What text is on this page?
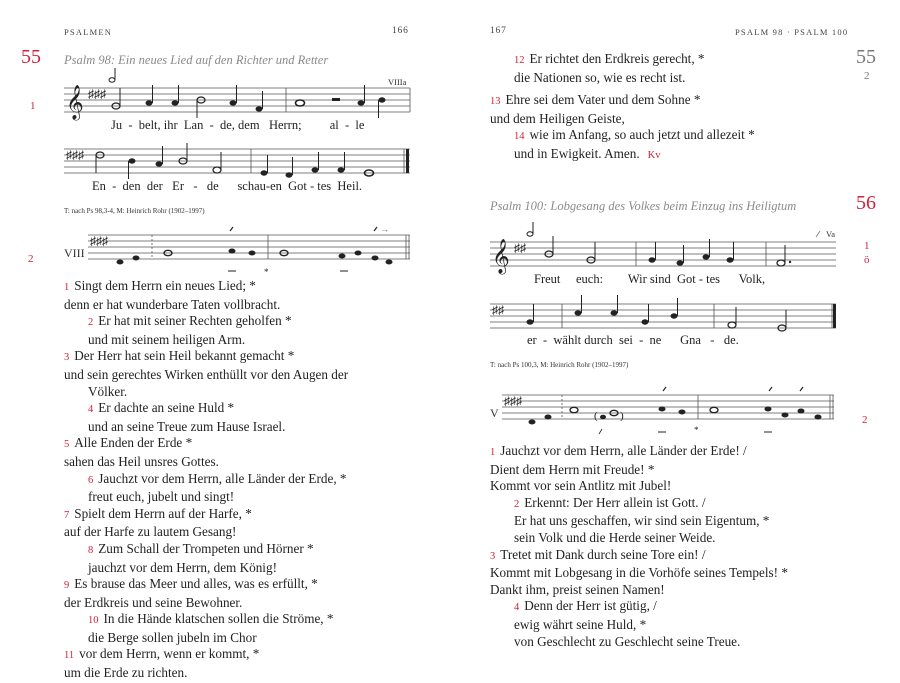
PSALMEN	166
55 Psalm 98: Ein neues Lied auf den Richter und Retter
1
VIIIa
𝄞 ♯♯♯
Ju  -  belt, ihr  Lan  -  de, dem   Herrn;         al  -  le
♯♯♯
En  -  den  der   Er   -   de      schau-en  Got - tes  Heil.
T: nach Ps 98,3-4, M: Heinrich Rohr (1902–1997)
2	VIII
♯♯♯
→
*
1 Singt dem Herrn ein neues Lied; *
denn er hat wunderbare Taten vollbracht.
2 Er hat mit seiner Rechten geholfen *
und mit seinem heiligen Arm.
3 Der Herr hat sein Heil bekannt gemacht *
und sein gerechtes Wirken enthüllt vor den Augen der
Völker.
4 Er dachte an seine Huld *
und an seine Treue zum Hause Israel.
5 Alle Enden der Erde *
sahen das Heil unsres Gottes.
6 Jauchzt vor dem Herrn, alle Länder der Erde, *
freut euch, jubelt und singt!
7 Spielt dem Herrn auf der Harfe, *
auf der Harfe zu lautem Gesang!
8 Zum Schall der Trompeten und Hörner *
jauchzt vor dem Herrn, dem König!
9 Es brause das Meer und alles, was es erfüllt, *
der Erdkreis und seine Bewohner.
10 In die Hände klatschen sollen die Ströme, *
die Berge sollen jubeln im Chor
11 vor dem Herrn, wenn er kommt, *
um die Erde zu richten.
167	PSALM 98 · PSALM 100
55
2
12 Er richtet den Erdkreis gerecht, *
die Nationen so, wie es recht ist.
13 Ehre sei dem Vater und dem Sohne *
und dem Heiligen Geiste,
14 wie im Anfang, so auch jetzt und allezeit *
und in Ewigkeit. Amen. Kv
Psalm 100: Lobgesang des Volkes beim Einzug ins Heiligtum	56
1
ö
Va
𝄞 ♯♯
Freut     euch:        Wir sind  Got - tes      Volk,
♯♯
er  -  wählt durch  sei  -  ne      Gna   -   de.
T: nach Ps 100,3, M: Heinrich Rohr (1902–1997)
V	2
♯♯♯
( )
*
1 Jauchzt vor dem Herrn, alle Länder der Erde! /
Dient dem Herrn mit Freude! *
Kommt vor sein Antlitz mit Jubel!
2 Erkennt: Der Herr allein ist Gott. /
Er hat uns geschaffen, wir sind sein Eigentum, *
sein Volk und die Herde seiner Weide.
3 Tretet mit Dank durch seine Tore ein! /
Kommt mit Lobgesang in die Vorhöfe seines Tempels! *
Dankt ihm, preist seinen Namen!
4 Denn der Herr ist gütig, /
ewig währt seine Huld, *
von Geschlecht zu Geschlecht seine Treue.
